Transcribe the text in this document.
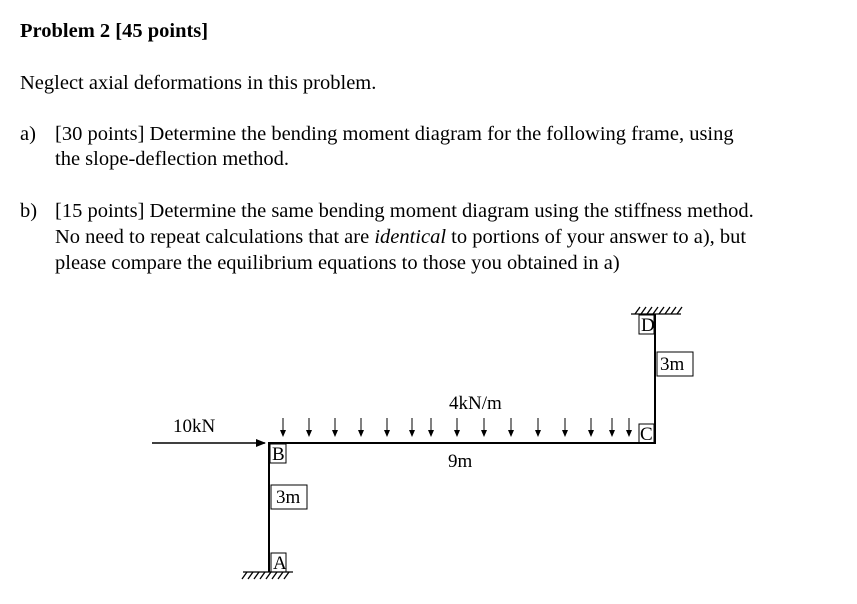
Problem 2 [45 points]
Neglect axial deformations in this problem.
a) [30 points] Determine the bending moment diagram for the following frame, using
the slope-deflection method.
b) [15 points] Determine the same bending moment diagram using the stiffness method.
No need to repeat calculations that are identical to portions of your answer to a), but
please compare the equilibrium equations to those you obtained in a)
A
B
C
D
3m
3m
9m
10kN
4kN/m
